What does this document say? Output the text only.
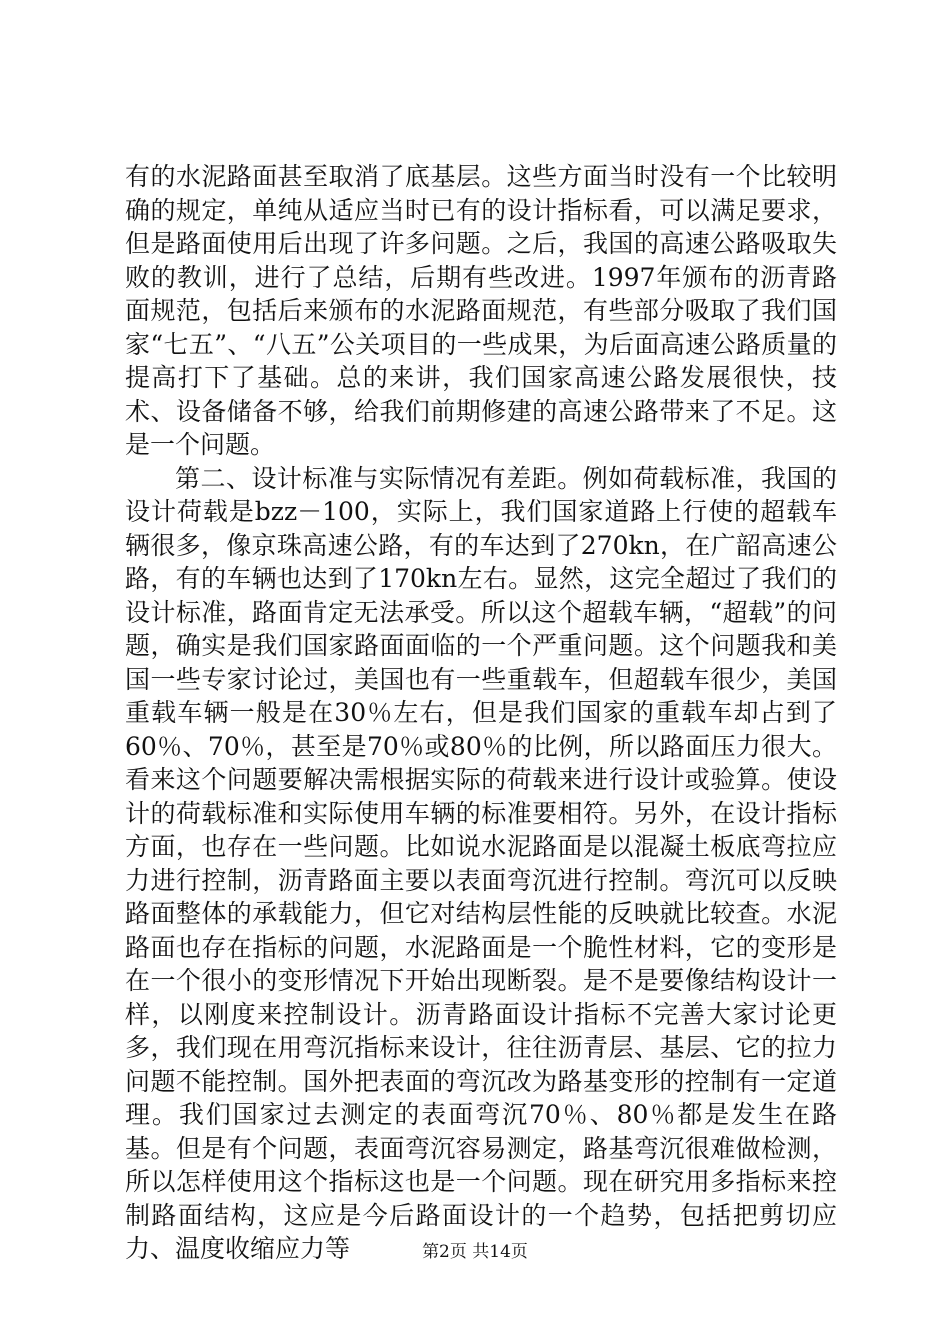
有的水泥路面甚至取消了底基层。这些方面当时没有一个比较明确的规定，单纯从适应当时已有的设计指标看，可以满足要求，但是路面使用后出现了许多问题。之后，我国的高速公路吸取失败的教训，进行了总结，后期有些改进。1997年颁布的沥青路面规范，包括后来颁布的水泥路面规范，有些部分吸取了我们国家“七五”、“八五”公关项目的一些成果，为后面高速公路质量的提高打下了基础。总的来讲，我们国家高速公路发展很快，技术、设备储备不够，给我们前期修建的高速公路带来了不足。这是一个问题。

第二、设计标准与实际情况有差距。例如荷载标准，我国的设计荷载是bzz－100，实际上，我们国家道路上行使的超载车辆很多，像京珠高速公路，有的车达到了270kn，在广韶高速公路，有的车辆也达到了170kn左右。显然，这完全超过了我们的设计标准，路面肯定无法承受。所以这个超载车辆，“超载”的问题，确实是我们国家路面面临的一个严重问题。这个问题我和美国一些专家讨论过，美国也有一些重载车，但超载车很少，美国重载车辆一般是在30％左右，但是我们国家的重载车却占到了60％、70％，甚至是70％或80％的比例，所以路面压力很大。看来这个问题要解决需根据实际的荷载来进行设计或验算。使设计的荷载标准和实际使用车辆的标准要相符。另外，在设计指标方面，也存在一些问题。比如说水泥路面是以混凝土板底弯拉应力进行控制，沥青路面主要以表面弯沉进行控制。弯沉可以反映路面整体的承载能力，但它对结构层性能的反映就比较查。水泥路面也存在指标的问题，水泥路面是一个脆性材料，它的变形是在一个很小的变形情况下开始出现断裂。是不是要像结构设计一样，以刚度来控制设计。沥青路面设计指标不完善大家讨论更多，我们现在用弯沉指标来设计，往往沥青层、基层、它的拉力问题不能控制。国外把表面的弯沉改为路基变形的控制有一定道理。我们国家过去测定的表面弯沉70％、80％都是发生在路基。但是有个问题，表面弯沉容易测定，路基弯沉很难做检测，所以怎样使用这个指标这也是一个问题。现在研究用多指标来控制路面结构，这应是今后路面设计的一个趋势，包括把剪切应力、温度收缩应力等	第2页 共14页
